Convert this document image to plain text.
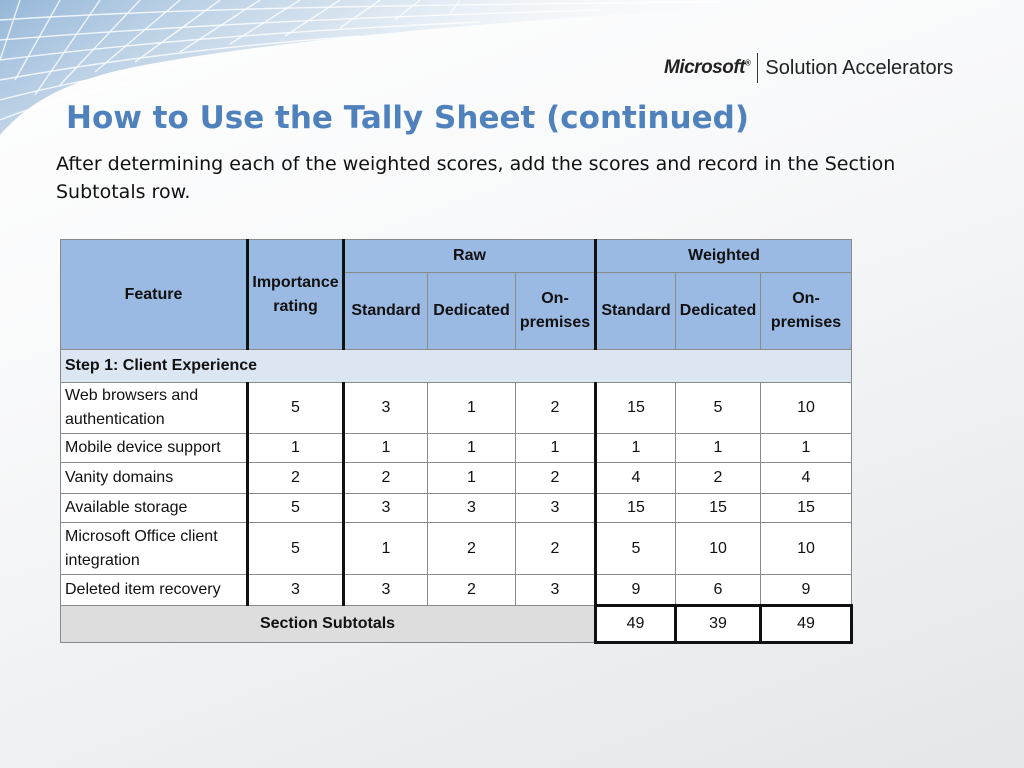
Microsoft® Solution Accelerators
How to Use the Tally Sheet (continued)

After determining each of the weighted scores, add the scores and record in the Section Subtotals row.

Feature	Importance rating	Raw			Weighted		
		Standard	Dedicated	On-premises	Standard	Dedicated	On-premises
Step 1: Client Experience							
Web browsers and authentication	5	3	1	2	15	5	10
Mobile device support	1	1	1	1	1	1	1
Vanity domains	2	2	1	2	4	2	4
Available storage	5	3	3	3	15	15	15
Microsoft Office client integration	5	1	2	2	5	10	10
Deleted item recovery	3	3	2	3	9	6	9
Section Subtotals					49	39	49
